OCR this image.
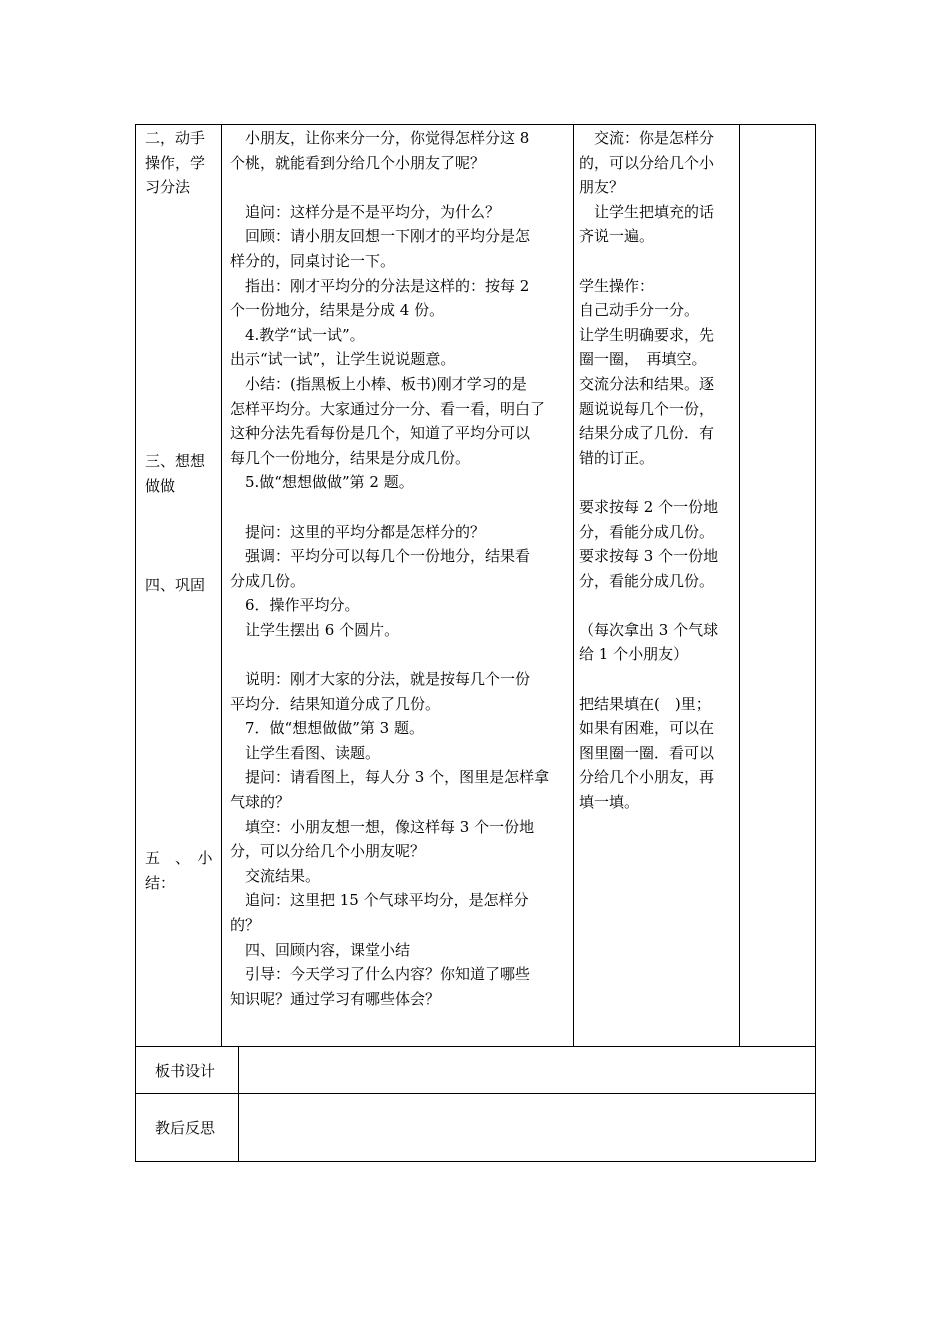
二，动手

操作，学

习分法

三、想想

做做

四、巩固

五　、　小

结：

　小朋友，让你来分一分，你觉得怎样分这 8

个桃，就能看到分给几个小朋友了呢？

　追问：这样分是不是平均分，为什么？

　回顾：请小朋友回想一下刚才的平均分是怎

样分的，同桌讨论一下。

　指出：刚才平均分的分法是这样的：按每 2

个一份地分，结果是分成 4 份。

　4.教学“试一试”。

出示“试一试”，让学生说说题意。

　小结：(指黑板上小棒、板书)刚才学习的是

怎样平均分。大家通过分一分、看一看，明白了

这种分法先看每份是几个，知道了平均分可以

每几个一份地分，结果是分成几份。

　5.做“想想做做”第 2 题。

　提问：这里的平均分都是怎样分的？

　强调：平均分可以每几个一份地分，结果看

分成几份。

　6．操作平均分。

　让学生摆出 6 个圆片。

　说明：刚才大家的分法，就是按每几个一份

平均分．结果知道分成了几份。

　7．做“想想做做”第 3 题。

　让学生看图、读题。

　提问：请看图上，每人分 3 个，图里是怎样拿

气球的？

　填空：小朋友想一想，像这样每 3 个一份地

分，可以分给几个小朋友呢？

　交流结果。

　追问：这里把 15 个气球平均分，是怎样分

的？

　四、回顾内容，课堂小结

　引导：今天学习了什么内容？你知道了哪些

知识呢？通过学习有哪些体会？

　交流：你是怎样分

的，可以分给几个小

朋友？

　让学生把填充的话

齐说一遍。

学生操作：

自己动手分一分。

让学生明确要求，先

圈一圈，　再填空。

交流分法和结果。逐

题说说每几个一份，

结果分成了几份．有

错的订正。

要求按每 2 个一份地

分，看能分成几份。

要求按每 3 个一份地

分，看能分成几份。

（每次拿出 3 个气球

给 1 个小朋友）

把结果填在(　)里；

如果有困难，可以在

图里圈一圈．看可以

分给几个小朋友，再

填一填。

板书设计
教后反思
